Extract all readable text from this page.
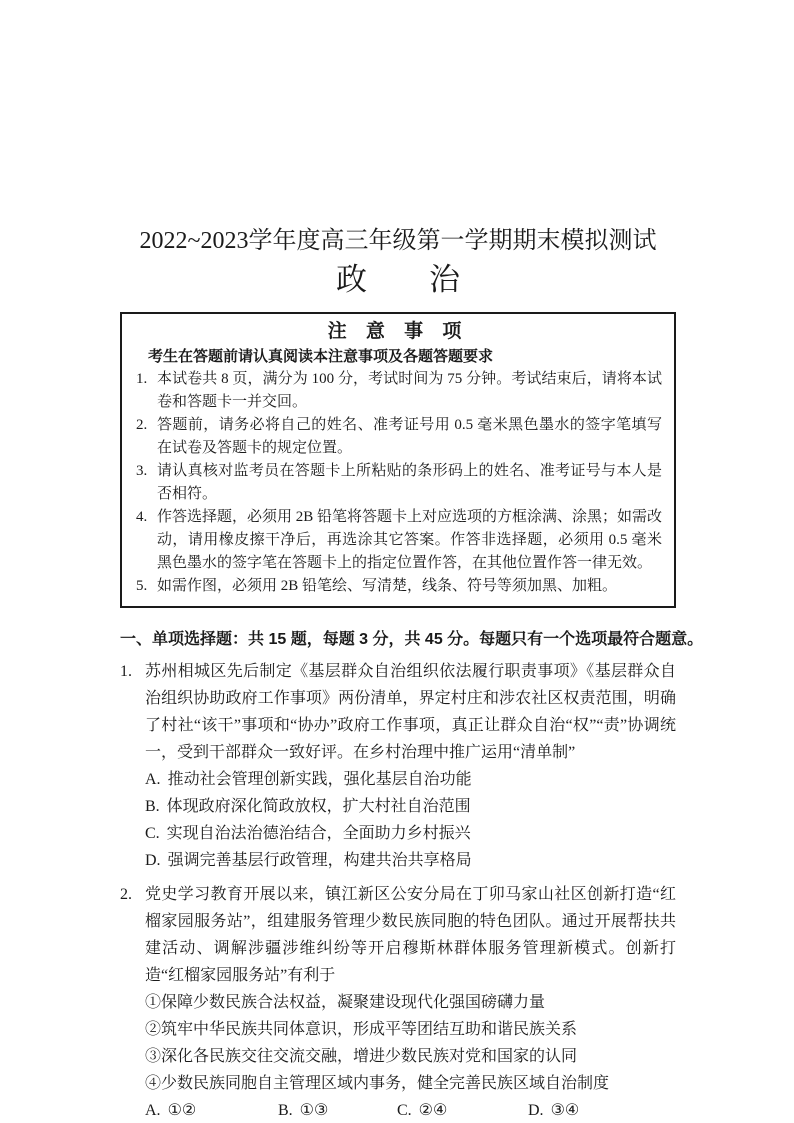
2022~2023学年度高三年级第一学期期末模拟测试
政　　治
注 意 事 项
考生在答题前请认真阅读本注意事项及各题答题要求
1. 本试卷共 8 页，满分为 100 分，考试时间为 75 分钟。考试结束后，请将本试卷和答题卡一并交回。
2. 答题前，请务必将自己的姓名、准考证号用 0.5 毫米黑色墨水的签字笔填写在试卷及答题卡的规定位置。
3. 请认真核对监考员在答题卡上所粘贴的条形码上的姓名、准考证号与本人是否相符。
4. 作答选择题，必须用 2B 铅笔将答题卡上对应选项的方框涂满、涂黑；如需改动，请用橡皮擦干净后，再选涂其它答案。作答非选择题，必须用 0.5 毫米黑色墨水的签字笔在答题卡上的指定位置作答，在其他位置作答一律无效。
5. 如需作图，必须用 2B 铅笔绘、写清楚，线条、符号等须加黑、加粗。
一、单项选择题：共 15 题，每题 3 分，共 45 分。每题只有一个选项最符合题意。
1. 苏州相城区先后制定《基层群众自治组织依法履行职责事项》《基层群众自治组织协助政府工作事项》两份清单，界定村庄和涉农社区权责范围，明确了村社“该干”事项和“协办”政府工作事项，真正让群众自治“权”“责”协调统一，受到干部群众一致好评。在乡村治理中推广运用“清单制”
A. 推动社会管理创新实践，强化基层自治功能
B. 体现政府深化简政放权，扩大村社自治范围
C. 实现自治法治德治结合，全面助力乡村振兴
D. 强调完善基层行政管理，构建共治共享格局
2. 党史学习教育开展以来，镇江新区公安分局在丁卯马家山社区创新打造“红榴家园服务站”，组建服务管理少数民族同胞的特色团队。通过开展帮扶共建活动、调解涉疆涉维纠纷等开启穆斯林群体服务管理新模式。创新打造“红榴家园服务站”有利于
①保障少数民族合法权益，凝聚建设现代化强国磅礴力量
②筑牢中华民族共同体意识，形成平等团结互助和谐民族关系
③深化各民族交往交流交融，增进少数民族对党和国家的认同
④少数民族同胞自主管理区域内事务，健全完善民族区域自治制度
A. ①②	B. ①③	C. ②④	D. ③④
